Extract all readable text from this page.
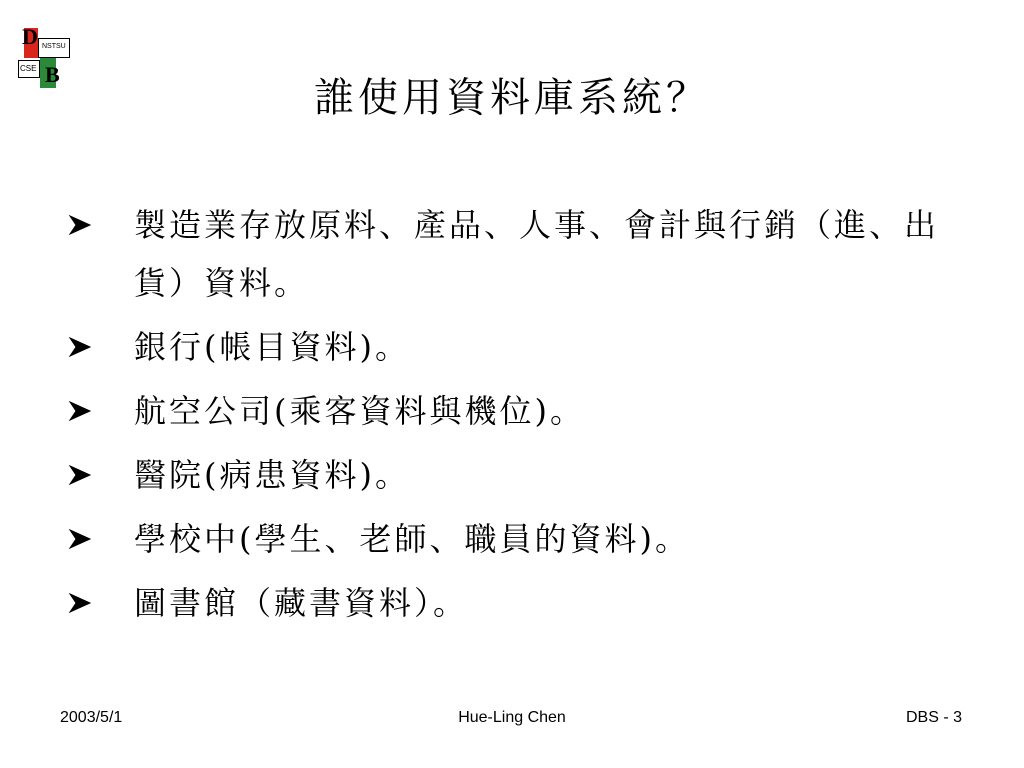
D NSTSU
CSE B
誰使用資料庫系統？
製造業存放原料、產品、人事、會計與行銷（進、出貨）資料。
銀行(帳目資料)。
航空公司(乘客資料與機位)。
醫院(病患資料)。
學校中(學生、老師、職員的資料)。
圖書館（藏書資料）。
2003/5/1	Hue-Ling Chen	DBS - 3
